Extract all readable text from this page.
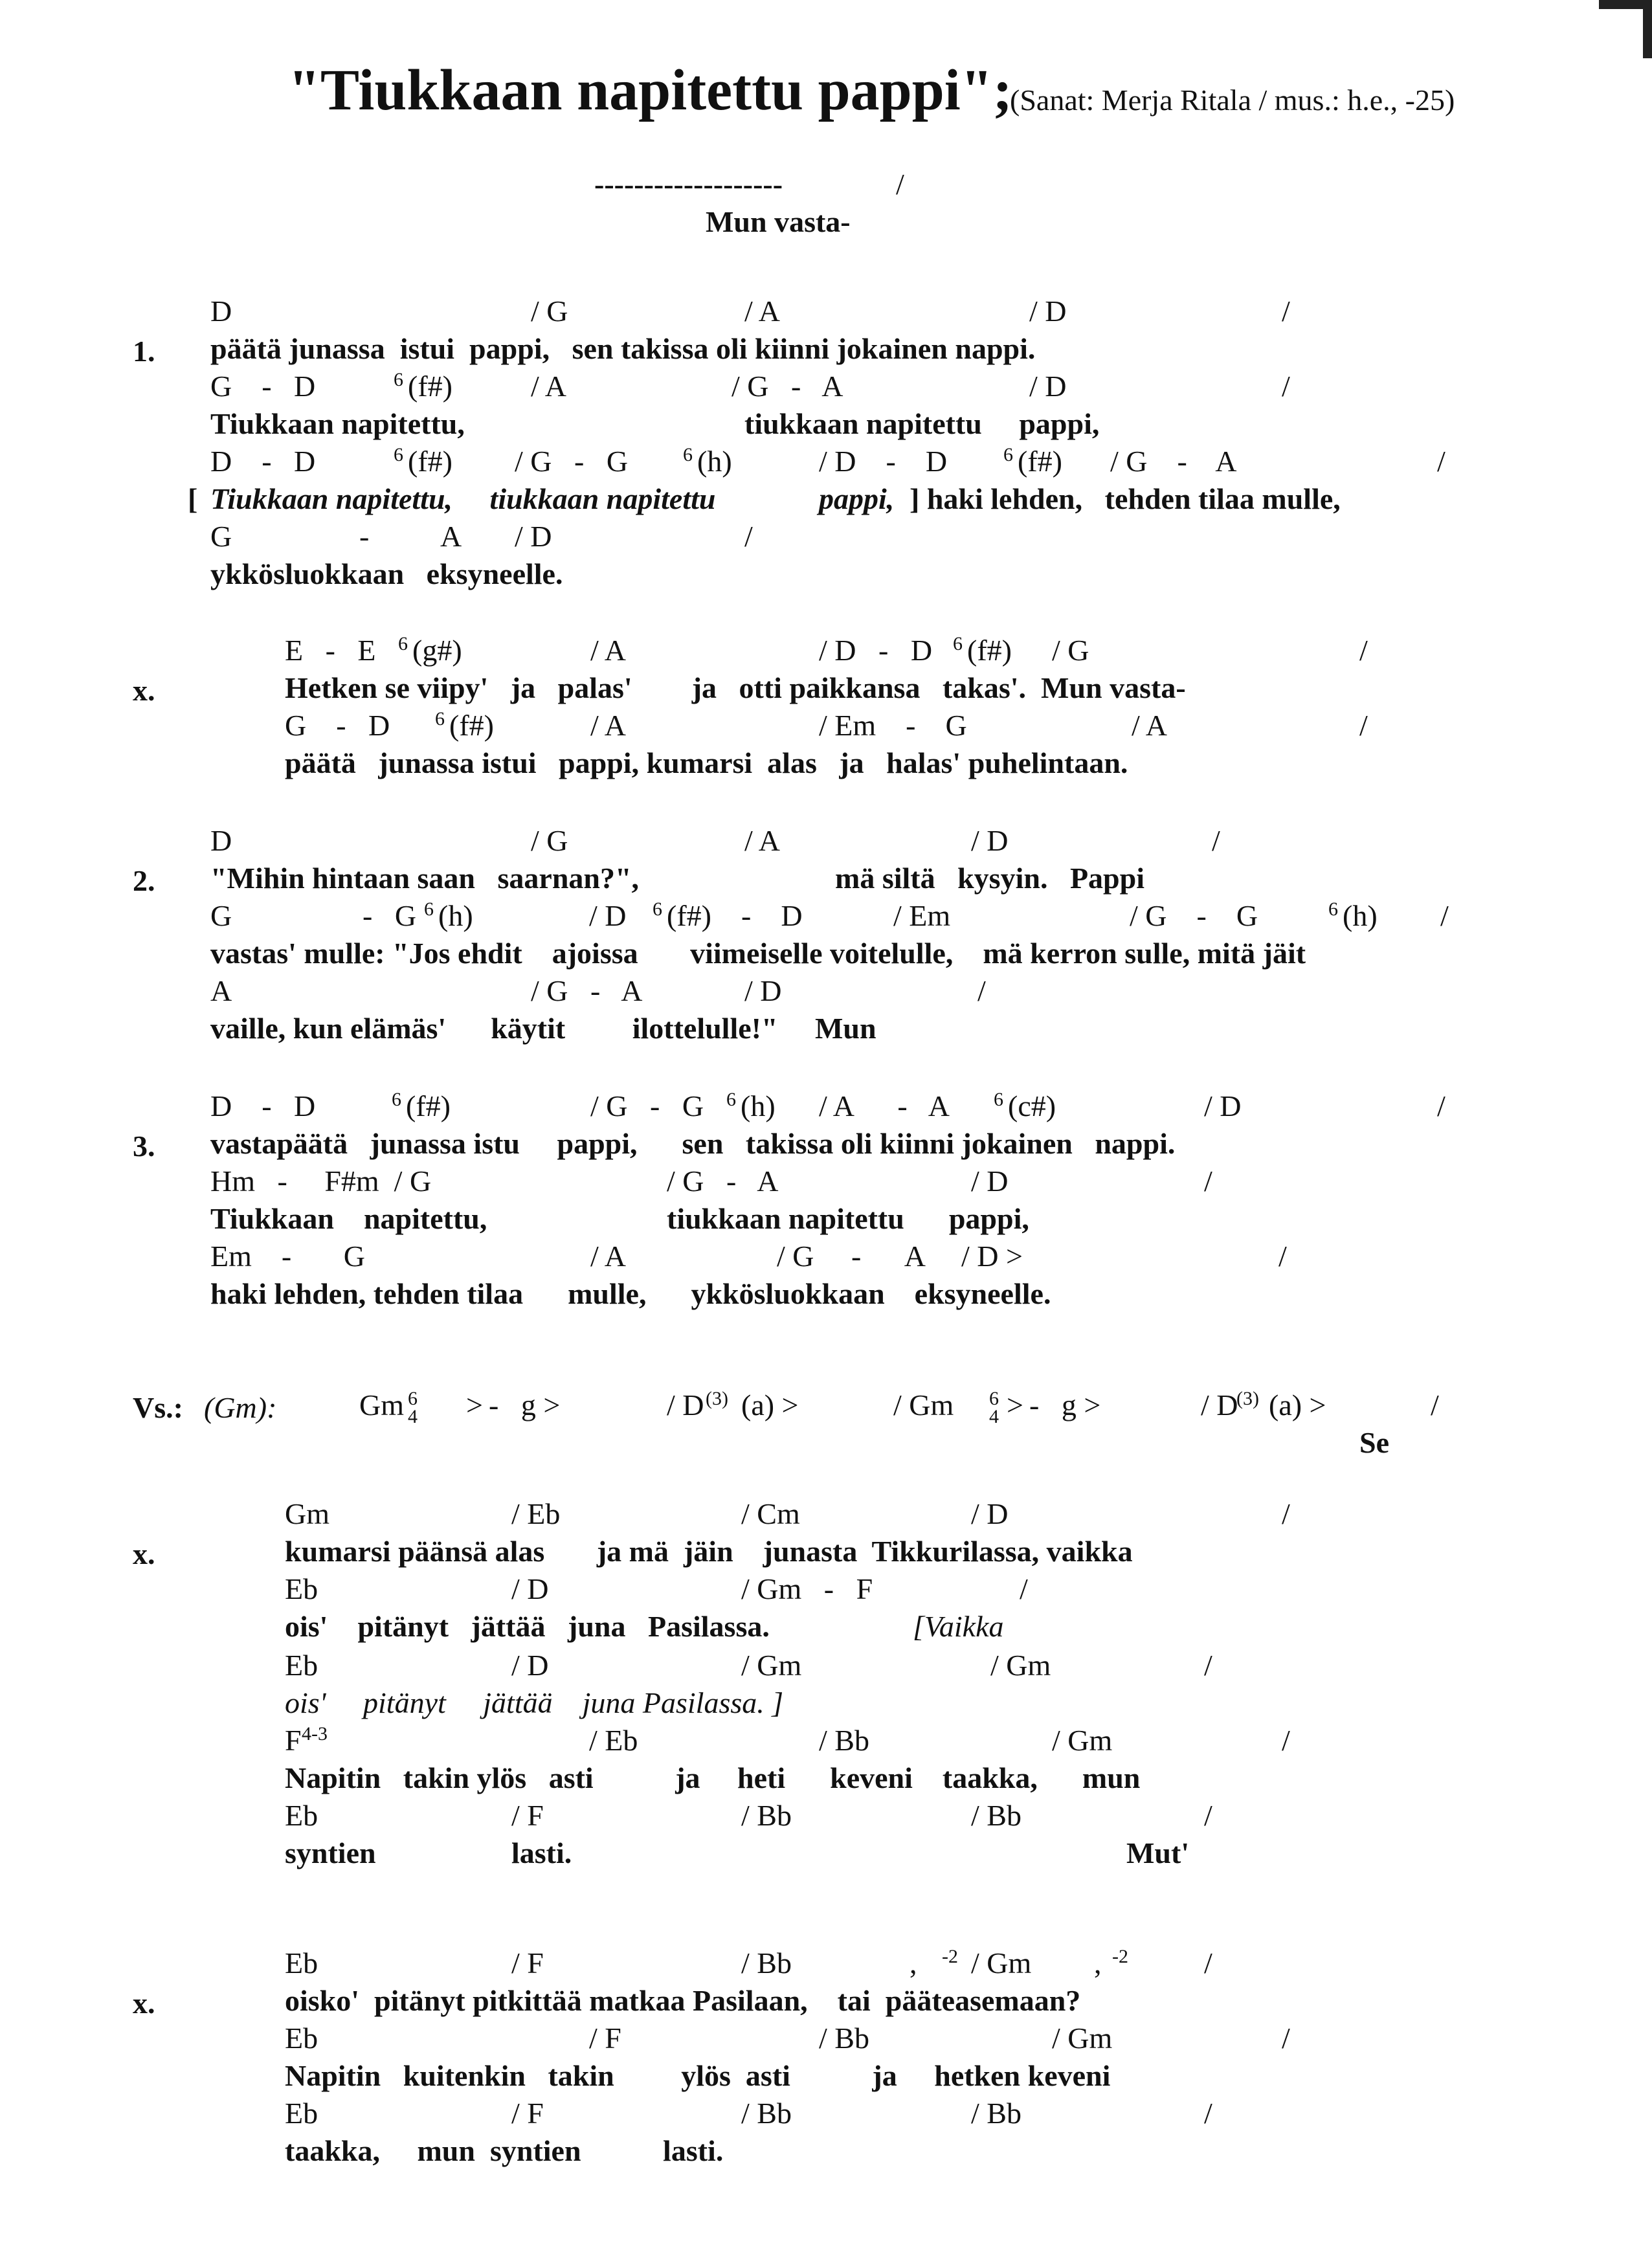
"Tiukkaan napitettu pappi";
(Sanat: Merja Ritala / mus.: h.e., -25)
-------------------	/
Mun vasta-
D	/ G	/ A	/ D	/
päätä junassa  istui  pappi,   sen takissa oli kiinni jokainen nappi.
G    -   D	/ A	/ G   -   A	/ D	/
Tiukkaan napitettu,	tiukkaan napitettu     pappi,
D    -   D	/ G   -   G	/ D    -    D	/ G    -    A	/
[ Tiukkaan napitettu,     tiukkaan napitettu	pappi, ] haki lehden,   tehden tilaa mulle,
G	- A / D	/
ykkösluokkaan   eksyneelle.
E   -   E	/ A	/ D   -   D	/ G	/
Hetken se viipy'   ja   palas'        ja   otti paikkansa   takas'.  Mun vasta-
G    -   D	/ A	/ Em    -    G	/ A	/
päätä   junassa istui   pappi, kumarsi  alas   ja   halas' puhelintaan.
D	/ G	/ A	/ D	/
"Mihin hintaan saan   saarnan?",	mä siltä   kysyin.   Pappi
G	-   G	/ D	-    D	/ Em	/ G    -    G	/
vastas' mulle: "Jos ehdit    ajoissa       viimeiselle voitelulle,    mä kerron sulle, mitä jäit
A	/ G   -   A	/ D	/
vaille, kun elämäs'      käytit         ilottelulle!"     Mun
D    -   D	/ G   -   G	/ A      -   A	/ D	/
vastapäätä   junassa istu     pappi,      sen   takissa oli kiinni jokainen   nappi.
Hm   -     F#m  / G	/ G   -   A	/ D	/
Tiukkaan    napitettu,	tiukkaan napitettu      pappi,
Em    -       G	/ A	/ G     -      A     / D >	/
haki lehden, tehden tilaa      mulle,      ykkösluokkaan    eksyneelle.
Gm >
-   g >	/ D (a) >	/ Gm >
-   g >	/ D (a) >	/
Se
Gm	/ Eb	/ Cm	/ D	/
kumarsi päänsä alas       ja mä  jäin    junasta  Tikkurilassa, vaikka
Eb	/ D	/ Gm   -   F	/
ois'    pitänyt   jättää   juna   Pasilassa.	[Vaikka
Eb	/ D	/ Gm	/ Gm	/
ois'     pitänyt     jättää    juna Pasilassa. ]
F	/ Eb	/ Bb	/ Gm	/
Napitin   takin ylös   asti           ja     heti      keveni    taakka,      mun
Eb	/ F	/ Bb	/ Bb	/
syntien	lasti.	Mut'
Eb	/ F	/ Bb	, / Gm ,	/
oisko'  pitänyt pitkittää matkaa Pasilaan,    tai  pääteasemaan?
Eb	/ F	/ Bb	/ Gm	/
Napitin   kuitenkin   takin         ylös  asti           ja     hetken keveni
Eb	/ F	/ Bb	/ Bb	/
taakka,     mun  syntien           lasti.
6 (f#)
6 (f#)	6 (h)	6 (f#)
6 (g#)	6 (f#)
6 (f#)
6 (h)	6 (f#)	6 (h)
6 (f#)	6 (h)	6 (c#)
6
4
(3)	6
4
(3)
4-3
-2	-2
1.
x.
2.
3.
Vs.: (Gm):
x.
x.
